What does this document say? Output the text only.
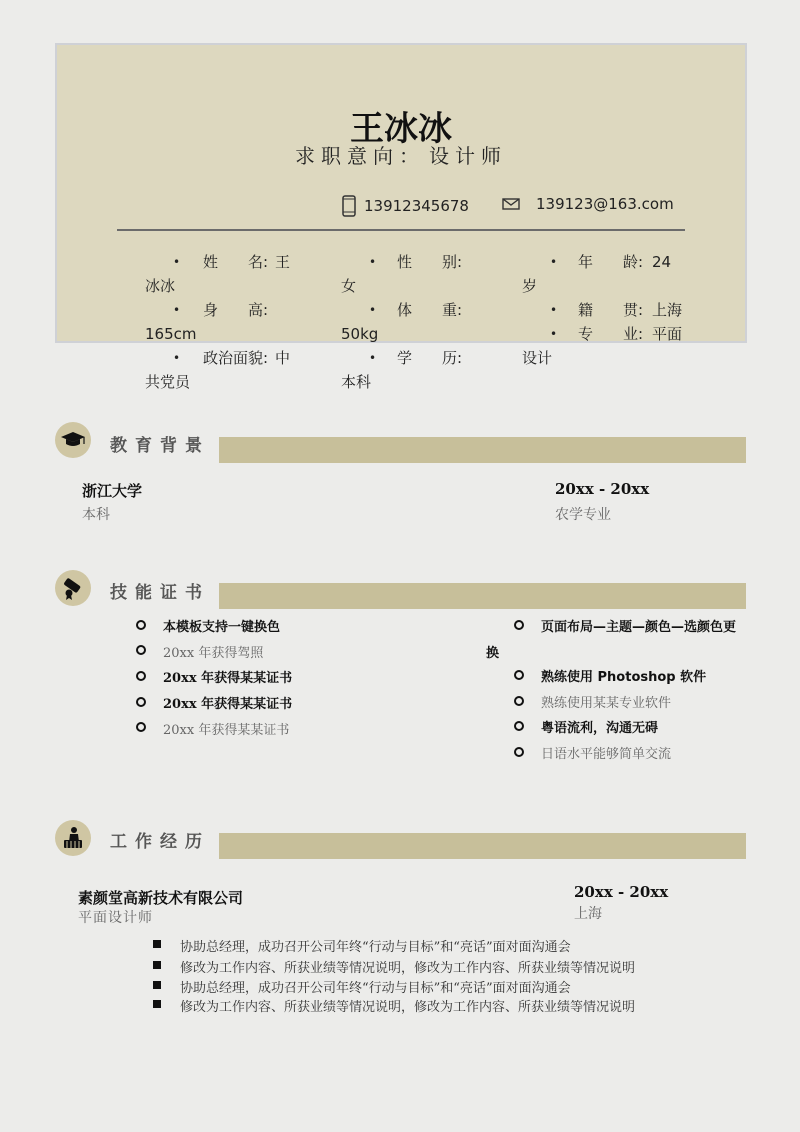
王冰冰
求职意向： 设计师
13912345678	139123@163.com
• 姓　　名: 王
冰冰
• 身　　高:
165cm
• 政治面貌: 中
共党员
• 性　　别:
女
• 体　　重:
50kg
• 学　　历:
本科
• 年　　龄: 24
岁
• 籍　　贯: 上海
• 专　　业: 平面
设计
教育背景
浙江大学
本科
20xx - 20xx
农学专业
技能证书
本模板支持一键换色
20xx 年获得驾照
20xx 年获得某某证书
20xx 年获得某某证书
20xx 年获得某某证书
页面布局—主题—颜色—选颜色更
换
熟练使用 Photoshop 软件
熟练使用某某专业软件
粤语流利，沟通无碍
日语水平能够简单交流
工作经历
素颜堂高新技术有限公司
平面设计师
20xx - 20xx
上海
协助总经理，成功召开公司年终“行动与目标”和“亮话”面对面沟通会
修改为工作内容、所获业绩等情况说明，修改为工作内容、所获业绩等情况说明
协助总经理，成功召开公司年终“行动与目标”和“亮话”面对面沟通会
修改为工作内容、所获业绩等情况说明，修改为工作内容、所获业绩等情况说明
